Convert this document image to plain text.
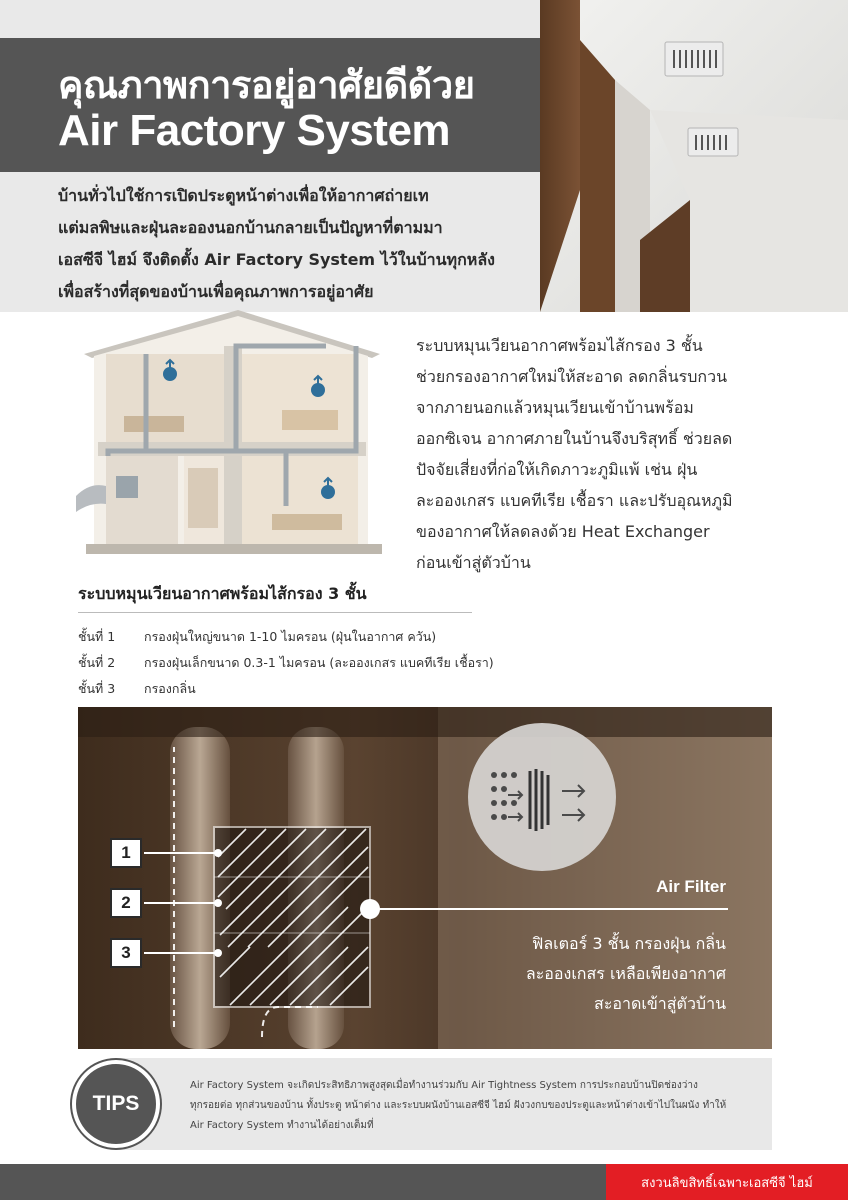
คุณภาพการอยู่อาศัยดีด้วย
Air Factory System
บ้านทั่วไปใช้การเปิดประตูหน้าต่างเพื่อให้อากาศถ่ายเท
แต่มลพิษและฝุ่นละอองนอกบ้านกลายเป็นปัญหาที่ตามมา
เอสซีจี ไฮม์ จึงติดตั้ง Air Factory System ไว้ในบ้านทุกหลัง
เพื่อสร้างที่สุดของบ้านเพื่อคุณภาพการอยู่อาศัย
ระบบหมุนเวียนอากาศพร้อมไส้กรอง 3 ชั้น
ช่วยกรองอากาศใหม่ให้สะอาด ลดกลิ่นรบกวน
จากภายนอกแล้วหมุนเวียนเข้าบ้านพร้อม
ออกซิเจน อากาศภายในบ้านจึงบริสุทธิ์ ช่วยลด
ปัจจัยเสี่ยงที่ก่อให้เกิดภาวะภูมิแพ้ เช่น ฝุ่น
ละอองเกสร แบคทีเรีย เชื้อรา และปรับอุณหภูมิ
ของอากาศให้ลดลงด้วย Heat Exchanger
ก่อนเข้าสู่ตัวบ้าน
ระบบหมุนเวียนอากาศพร้อมไส้กรอง 3 ชั้น
ชั้นที่ 1	กรองฝุ่นใหญ่ขนาด 1-10 ไมครอน (ฝุ่นในอากาศ ควัน)
ชั้นที่ 2	กรองฝุ่นเล็กขนาด 0.3-1 ไมครอน (ละอองเกสร แบคทีเรีย เชื้อรา)
ชั้นที่ 3	กรองกลิ่น
1
2
3
Air Filter
ฟิลเตอร์ 3 ชั้น กรองฝุ่น กลิ่น
ละอองเกสร เหลือเพียงอากาศ
สะอาดเข้าสู่ตัวบ้าน
TIPS
Air Factory System จะเกิดประสิทธิภาพสูงสุดเมื่อทำงานร่วมกับ Air Tightness System การประกอบบ้านปิดช่องว่าง
ทุกรอยต่อ ทุกส่วนของบ้าน ทั้งประตู หน้าต่าง และระบบผนังบ้านเอสซีจี ไฮม์ ฝังวงกบของประตูและหน้าต่างเข้าไปในผนัง ทำให้
Air Factory System ทำงานได้อย่างเต็มที่
สงวนลิขสิทธิ์เฉพาะเอสซีจี ไฮม์
